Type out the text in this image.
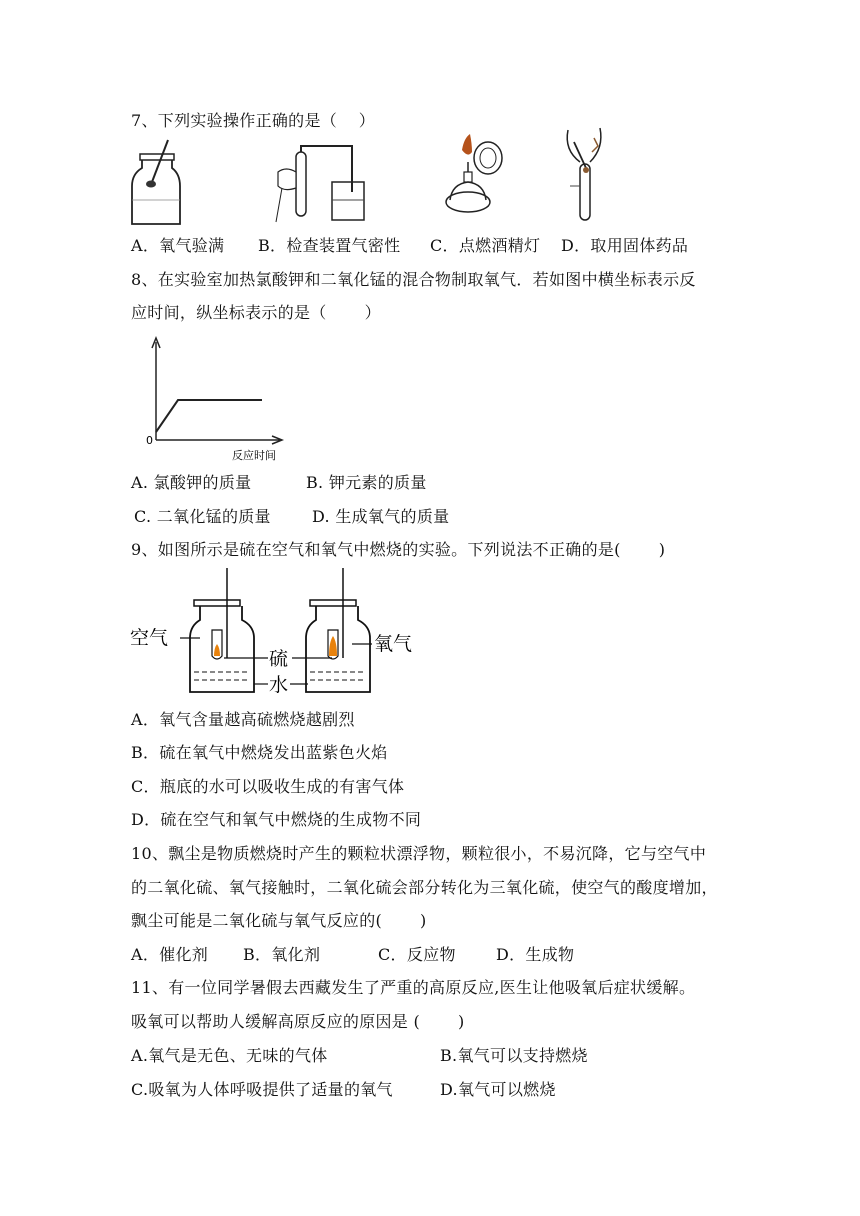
7、下列实验操作正确的是（　 ）
A．氧气验满 B．检查装置气密性 C．点燃酒精灯 D．取用固体药品
8、在实验室加热氯酸钾和二氧化锰的混合物制取氧气．若如图中横坐标表示反
应时间，纵坐标表示的是（　　 ）
0
反应时间
A. 氯酸钾的质量	B. 钾元素的质量
C. 二氧化锰的质量	D. 生成氧气的质量
9、如图所示是硫在空气和氧气中燃烧的实验。下列说法不正确的是(　　 )
空气
硫
水
氧气
A．氧气含量越高硫燃烧越剧烈
B．硫在氧气中燃烧发出蓝紫色火焰
C．瓶底的水可以吸收生成的有害气体
D．硫在空气和氧气中燃烧的生成物不同
10、飘尘是物质燃烧时产生的颗粒状漂浮物，颗粒很小，不易沉降，它与空气中
的二氧化硫、氧气接触时，二氧化硫会部分转化为三氧化硫，使空气的酸度增加，
飘尘可能是二氧化硫与氧气反应的(　　 )
A．催化剂 B．氧化剂	C．反应物	D．生成物
11、有一位同学暑假去西藏发生了严重的高原反应,医生让他吸氧后症状缓解。
吸氧可以帮助人缓解高原反应的原因是 (　　 )
A.氧气是无色、无味的气体	B.氧气可以支持燃烧
C.吸氧为人体呼吸提供了适量的氧气	D.氧气可以燃烧
